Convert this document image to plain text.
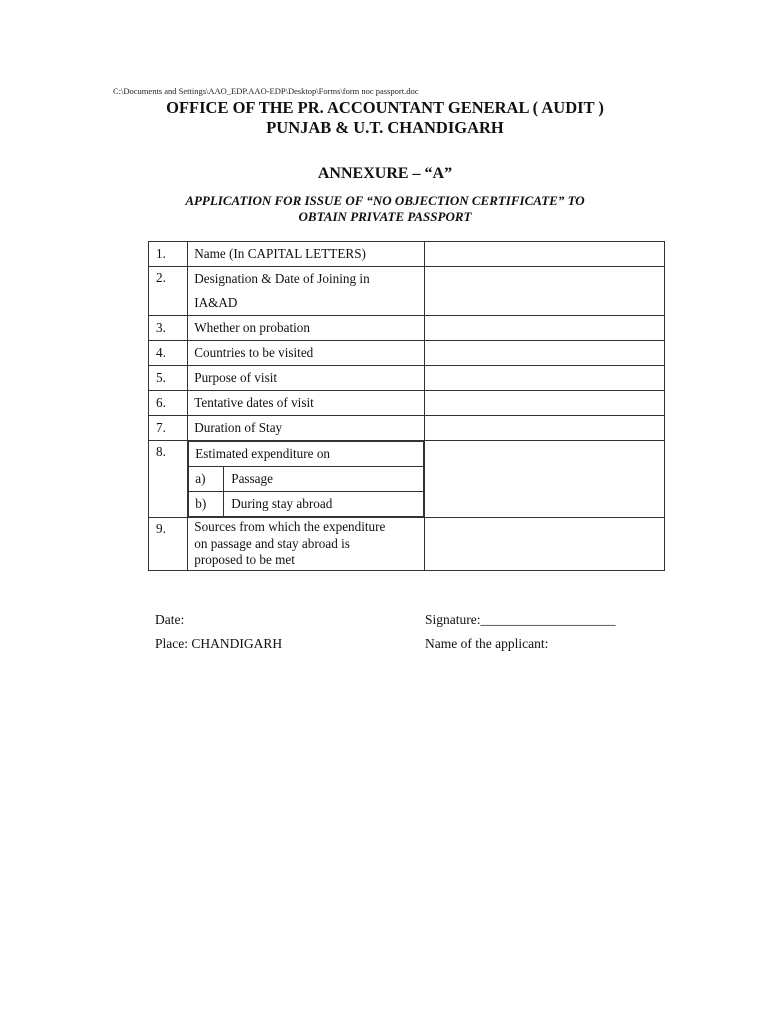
C:\Documents and Settings\AAO_EDP.AAO-EDP\Desktop\Forms\form noc passport.doc
OFFICE OF THE PR. ACCOUNTANT GENERAL ( AUDIT )
PUNJAB & U.T. CHANDIGARH
ANNEXURE – “A”
APPLICATION FOR ISSUE OF “NO OBJECTION CERTIFICATE” TO
OBTAIN PRIVATE PASSPORT
1.	Name (In CAPITAL LETTERS)	
2.	Designation & Date of Joining in
IA&AD

3.	Whether on probation	
4.	Countries to be visited	
5.	Purpose of visit	
6.	Tentative dates of visit	
7.	Duration of Stay	
8.	Estimated expenditure on
a)	Passage
b)	During stay abroad

9.	Sources from which the expenditure
on passage and stay abroad is
proposed to be met

Date:
Place: CHANDIGARH
Signature:____________________
Name of the applicant:
